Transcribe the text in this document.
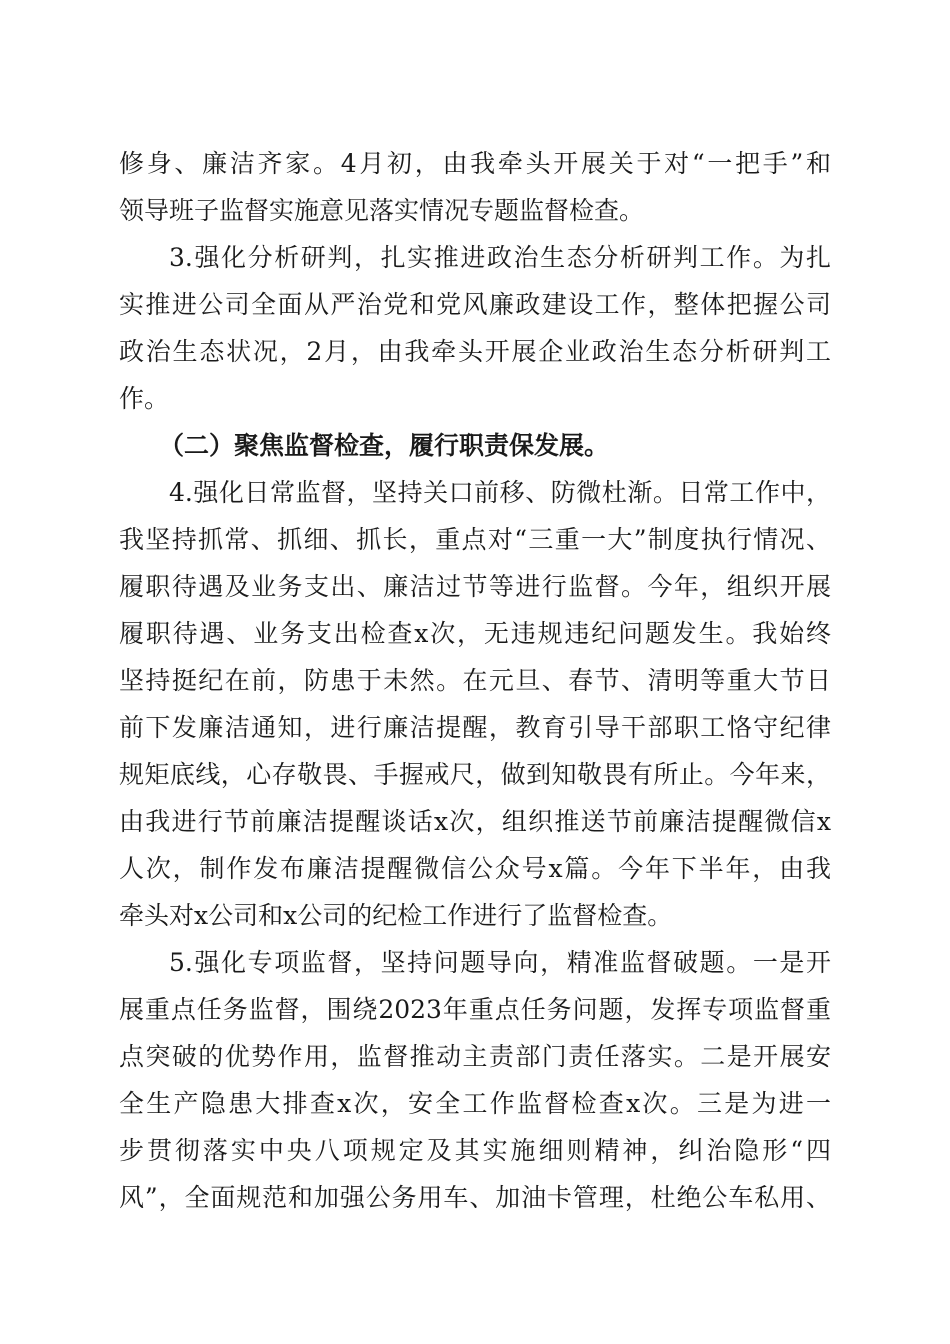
修身、廉洁齐家。4月初，由我牵头开展关于对“一把手”和
领导班子监督实施意见落实情况专题监督检查。
3.强化分析研判，扎实推进政治生态分析研判工作。为扎
实推进公司全面从严治党和党风廉政建设工作，整体把握公司
政治生态状况，2月，由我牵头开展企业政治生态分析研判工
作。
（二）聚焦监督检查，履行职责保发展。
4.强化日常监督，坚持关口前移、防微杜渐。日常工作中，
我坚持抓常、抓细、抓长，重点对“三重一大”制度执行情况、
履职待遇及业务支出、廉洁过节等进行监督。今年，组织开展
履职待遇、业务支出检查x次，无违规违纪问题发生。我始终
坚持挺纪在前，防患于未然。在元旦、春节、清明等重大节日
前下发廉洁通知，进行廉洁提醒，教育引导干部职工恪守纪律
规矩底线，心存敬畏、手握戒尺，做到知敬畏有所止。今年来，
由我进行节前廉洁提醒谈话x次，组织推送节前廉洁提醒微信x
人次，制作发布廉洁提醒微信公众号x篇。今年下半年，由我
牵头对x公司和x公司的纪检工作进行了监督检查。
5.强化专项监督，坚持问题导向，精准监督破题。一是开
展重点任务监督，围绕2023年重点任务问题，发挥专项监督重
点突破的优势作用，监督推动主责部门责任落实。二是开展安
全生产隐患大排查x次，安全工作监督检查x次。三是为进一
步贯彻落实中央八项规定及其实施细则精神，纠治隐形“四
风”，全面规范和加强公务用车、加油卡管理，杜绝公车私用、
